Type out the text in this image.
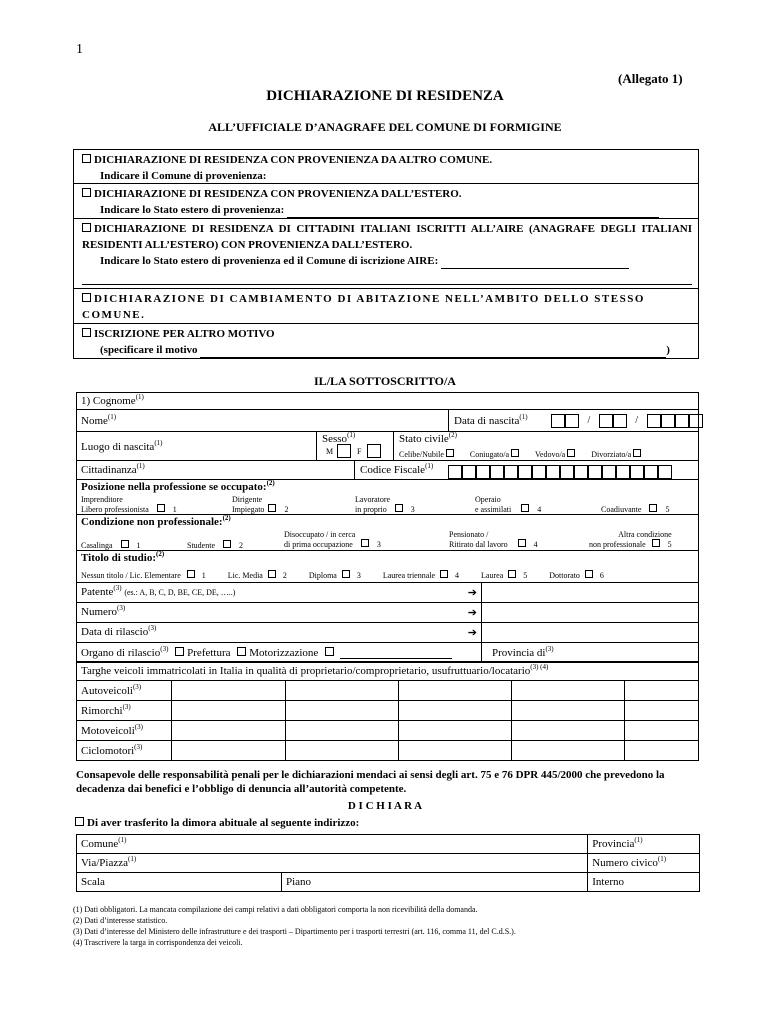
1
(Allegato 1)
DICHIARAZIONE DI RESIDENZA
ALL’UFFICIALE D’ANAGRAFE DEL COMUNE DI FORMIGINE
DICHIARAZIONE DI RESIDENZA CON PROVENIENZA DA ALTRO COMUNE.
Indicare il Comune di provenienza:
DICHIARAZIONE DI RESIDENZA CON PROVENIENZA DALL’ESTERO.
Indicare lo Stato estero di provenienza:
DICHIARAZIONE DI RESIDENZA DI CITTADINI ITALIANI ISCRITTI ALL’AIRE (ANAGRAFE DEGLI ITALIANI RESIDENTI ALL’ESTERO) CON PROVENIENZA DALL’ESTERO.
Indicare lo Stato estero di provenienza ed il Comune di iscrizione AIRE:

DICHIARAZIONE DI CAMBIAMENTO DI ABITAZIONE NELL’AMBITO DELLO STESSO COMUNE.
ISCRIZIONE PER ALTRO MOTIVO
(specificare il motivo	)
IL/LA SOTTOSCRITTO/A
1) Cognome$^{(1)}$
Nome$^{(1)}$	Data di nascita$^{(1)}$	/	/
Luogo di nascita$^{(1)}$	Sesso$^{(1)}$
M	F
Stato civile$^{(2)}$
Celibe/Nubile	Coniugato/a	Vedovo/a	Divorziato/a
Cittadinanza$^{(1)}$	Codice Fiscale$^{(1)}$
Posizione nella professione se occupato:$^{(2)}$
Imprenditore
Libero professionista	1
Dirigente
Impiegato	2
Lavoratore
in proprio	3
Operaio
e assimilati	4	Coadiuvante	5
Condizione non professionale:$^{(2)}$
Casalinga	1	Studente	2
Disoccupato / in cerca
di prima occupazione	3
Pensionato /
Ritirato dal lavoro	4
Altra condizione
non professionale	5
Titolo di studio:$^{(2)}$
Nessun titolo / Lic. Elementare	1	Lic. Media	2	Diploma	3	Laurea triennale	4	Laurea	5	Dottorato	6
Patente$^{(3)}$ (es.: A, B, C, D, BE, CE, DE, …..) ➔	

Numero$^{(3)}$ ➔	

Data di rilascio$^{(3)}$ ➔	

Organo di rilascio$^{(3)}$ Prefettura Motorizzazione	Provincia $di^{(3)}$
Targhe veicoli immatricolati in Italia in qualità di proprietario/comproprietario, usufruttuario/locatario$^{(3) (4)}$
Autoveicoli$^{(3)}$					
Rimorchi$^{(3)}$					
Motoveicoli$^{(3)}$					
Ciclomotori$^{(3)}$					
Consapevole delle responsabilità penali per le dichiarazioni mendaci ai sensi degli art. 75 e 76 DPR 445/2000 che prevedono la decadenza dai benefici e l’obbligo di denuncia all’autorità competente.
D I C H I A R A
Di aver trasferito la dimora abituale al seguente indirizzo:
Comune$^{(1)}$		Provincia$^{(1)}$
Via/Piazza$^{(1)}$		Numero civico$^{(1)}$
Scala	Piano	Interno
(1) Dati obbligatori. La mancata compilazione dei campi relativi a dati obbligatori comporta la non ricevibilità della domanda.
(2) Dati d’interesse statistico.
(3) Dati d’interesse del Ministero delle infrastrutture e dei trasporti – Dipartimento per i trasporti terrestri (art. 116, comma 11, del C.d.S.).
(4) Trascrivere la targa in corrispondenza dei veicoli.
